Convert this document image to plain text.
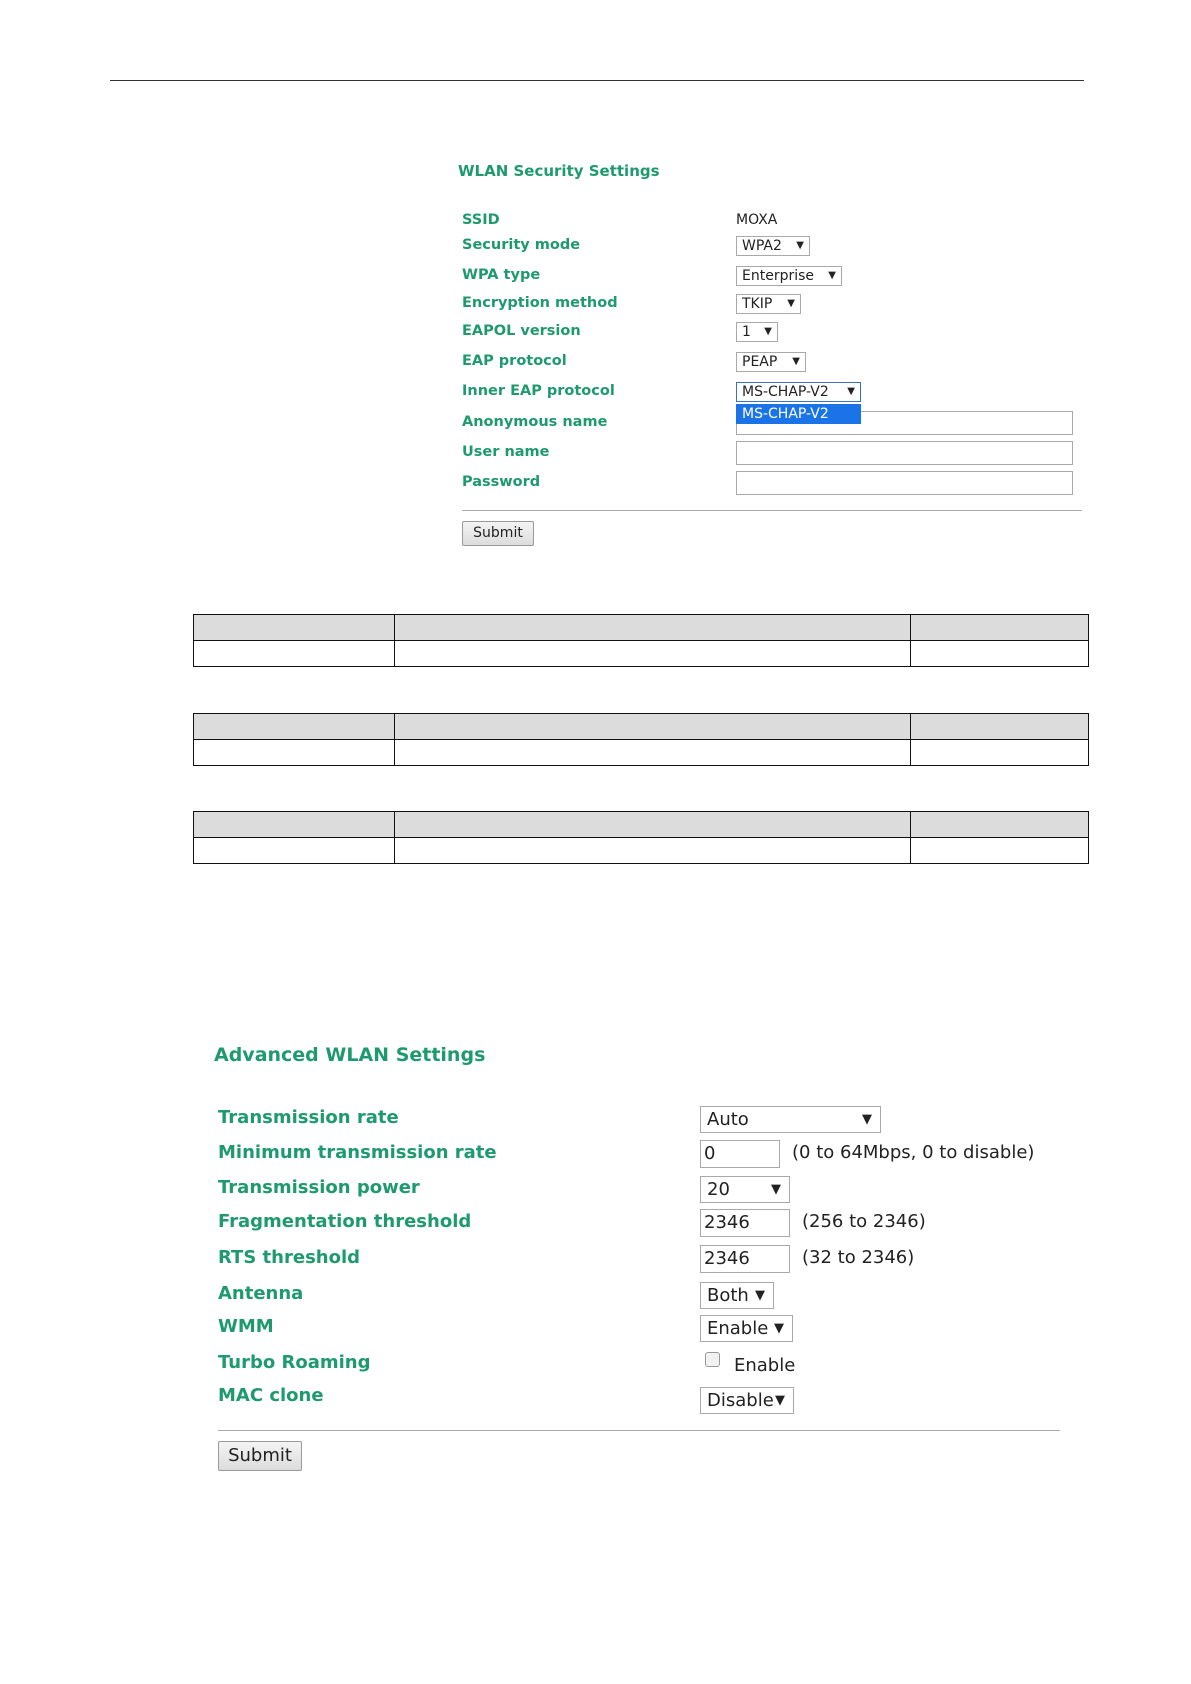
WLAN Security Settings
SSID	MOXA
Security mode	WPA2 ▼
WPA type	Enterprise ▼
Encryption method	TKIP ▼
EAPOL version	1 ▼
EAP protocol	PEAP ▼
Inner EAP protocol	MS-CHAP-V2 ▼
Anonymous name	MS-CHAP-V2
User name
Password
Submit

Advanced WLAN Settings
Transmission rate	Auto	▼
Minimum transmission rate	0	(0 to 64Mbps, 0 to disable)
Transmission power	20	▼
Fragmentation threshold	2346	(256 to 2346)
RTS threshold	2346	(32 to 2346)
Antenna	Both ▼
WMM	Enable ▼
Turbo Roaming	Enable
MAC clone	Disable ▼
Submit
